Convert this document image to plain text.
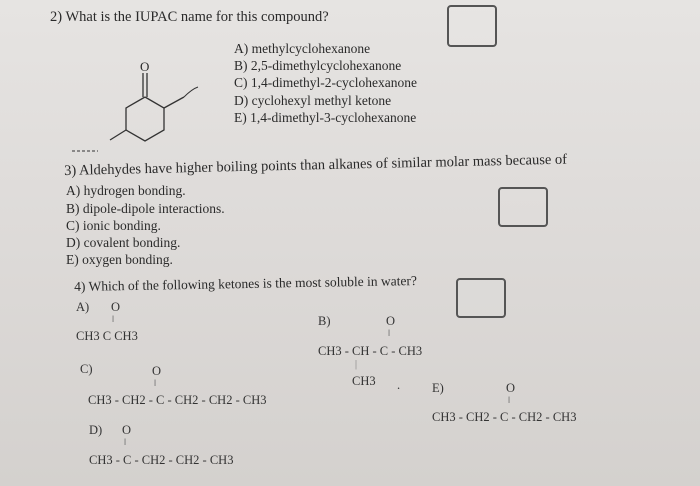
2) What is the IUPAC name for this compound?
A) methylcyclohexanone
B) 2,5-dimethylcyclohexanone
C) 1,4-dimethyl-2-cyclohexanone
D) cyclohexyl methyl ketone
E) 1,4-dimethyl-3-cyclohexanone
O
3) Aldehydes have higher boiling points than alkanes of similar molar mass because of
A) hydrogen bonding.
B) dipole-dipole interactions.
C) ionic bonding.
D) covalent bonding.
E) oxygen bonding.
4) Which of the following ketones is the most soluble in water?
A) O
ǁ
CH3 C CH3
B)	O
ǁ
CH3 - CH - C - CH3
|
CH3 .
C)	O
ǁ
CH3 - CH2 - C - CH2 - CH2 - CH3
E)	O
ǁ
CH3 - CH2 - C - CH2 - CH3
D) O
ǁ
CH3 - C - CH2 - CH2 - CH3
